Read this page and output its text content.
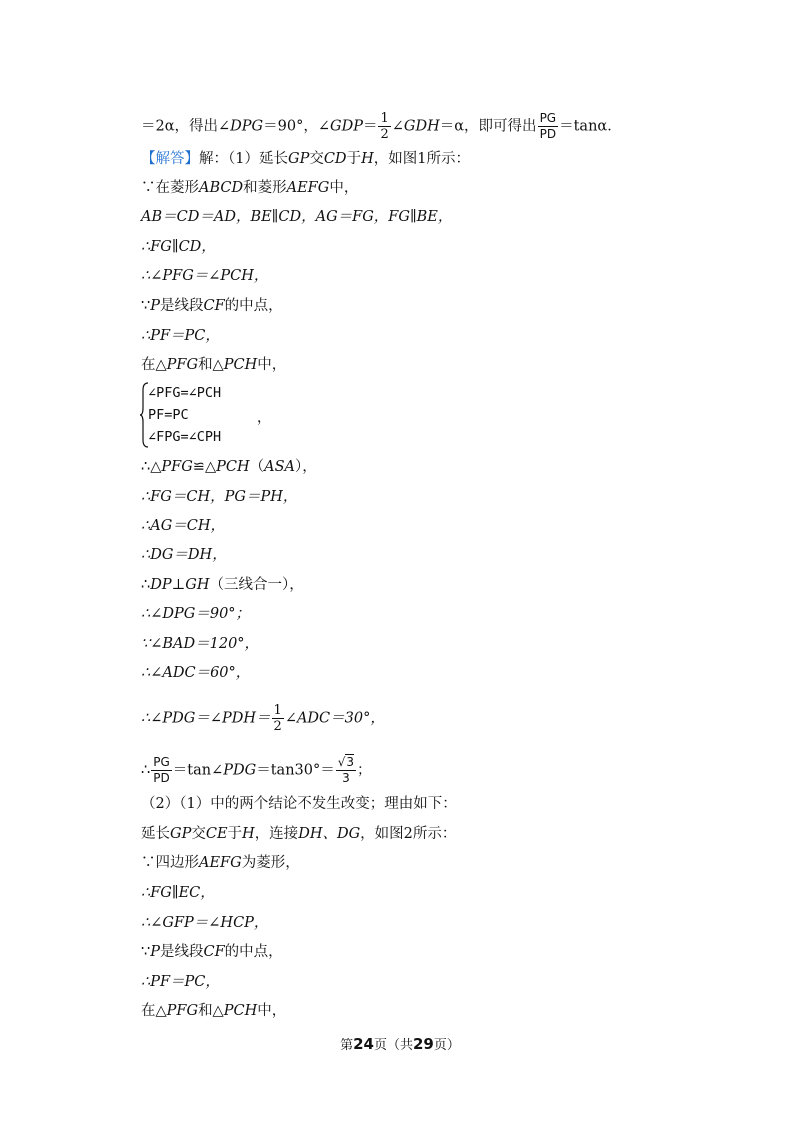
＝2α，得出∠DPG＝90°，∠GDP＝ $\frac{1}{2}$ ∠GDH＝α，即可得出 $\frac{PG}{PD} =\tan\alpha$．
【解答】解：（1）延长GP交CD于H，如图1所示：
∵在菱形ABCD和菱形AEFG中，
AB＝CD＝AD，BE∥CD，AG＝FG，FG∥BE，
∴FG∥CD，
∴∠PFG＝∠PCH，
∵P是线段CF的中点，
∴PF＝PC，
在△PFG和△PCH中，
∠PFG=∠PCH
PF=PC
∠FPG=∠CPH
，
∴△PFG≌△PCH（ASA），
∴FG＝CH，PG＝PH，
∴AG＝CH，
∴DG＝DH，
∴DP⊥GH（三线合一），
∴∠DPG＝90°；
∵∠BAD＝120°，
∴∠ADC＝60°，
∴∠PDG＝∠PDH＝ $\frac{1}{2}$ ∠ADC＝30°，
∴ $\frac{PG}{PD}$ ＝tan∠PDG＝tan30°＝ $\frac{√3}{3}$ ；
（2）（1）中的两个结论不发生改变；理由如下：
延长GP交CE于H，连接DH、DG，如图2所示：
∵四边形AEFG为菱形，
∴FG∥EC，
∴∠GFP＝∠HCP，
∵P是线段CF的中点，
∴PF＝PC，
在△PFG和△PCH中，
第24页（共29页）
